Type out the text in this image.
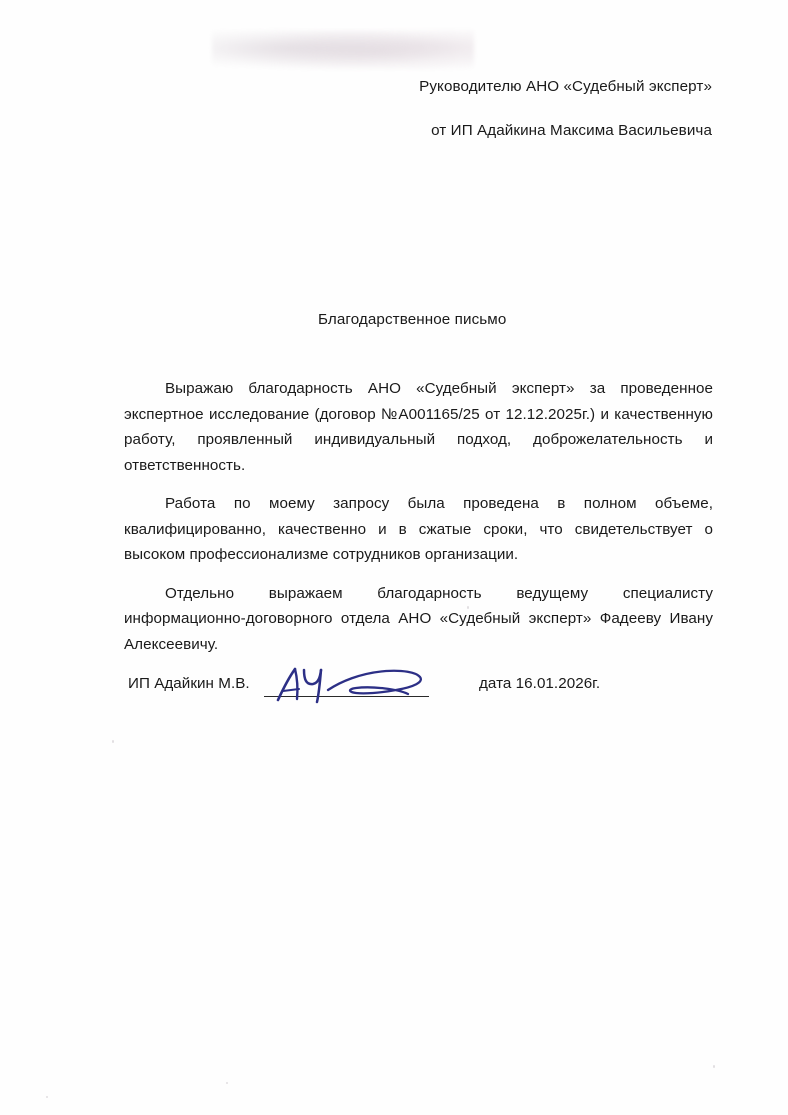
Руководителю АНО «Судебный эксперт»
от ИП Адайкина Максима Васильевича
Благодарственное письмо

Выражаю благодарность АНО «Судебный эксперт» за проведенное экспертное исследование (договор №A001165/25 от 12.12.2025г.) и качественную работу, проявленный индивидуальный подход, доброжелательность и ответственность.

Работа по моему запросу была проведена в полном объеме, квалифицированно, качественно и в сжатые сроки, что свидетельствует о высоком профессионализме сотрудников организации.

Отдельно выражаем благодарность ведущему специалисту информационно-договорного отдела АНО «Судебный эксперт» Фадееву Ивану Алексеевичу.

ИП Адайкин М.В.	дата 16.01.2026г.
